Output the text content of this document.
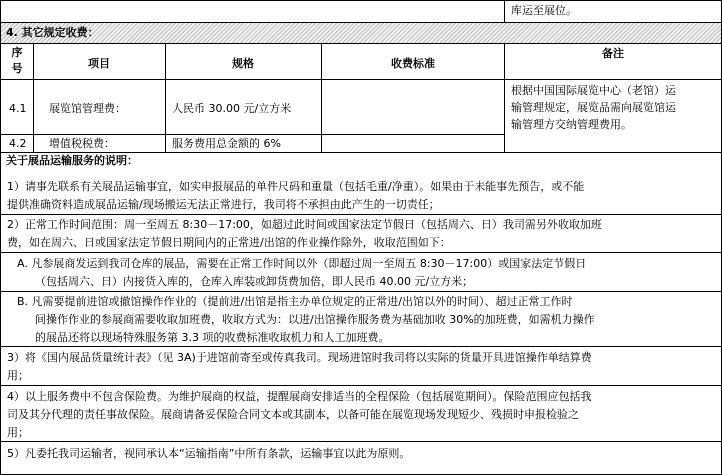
库运至展位。
4. 其它规定收费：
序号	项目	规格	收费标准
备注
4.1 展览馆管理费：	人民币 30.00 元/立方米
根据中国国际展览中心（老馆）运
输管理规定，展览品需向展览馆运
输管理方交纳管理费用。
4.2 增值税税费：	服务费用总金额的 6%
关于展品运输服务的说明：
1）请事先联系有关展品运输事宜，如实申报展品的单件尺码和重量（包括毛重/净重）。如果由于未能事先预告，或不能
提供准确资料造成展品运输/现场搬运无法正常进行，我司将不承担由此产生的一切责任；
2）正常工作时间范围：周一至周五 8:30－17:00，如超过此时间或国家法定节假日（包括周六、日）我司需另外收取加班
费，如在周六、日或国家法定节假日期间内的正常进/出馆的作业操作除外，收取范围如下：
A. 凡参展商发运到我司仓库的展品，需要在正常工作时间以外（即超过周一至周五 8:30－17:00）或国家法定节假日
（包括周六、日）内接货入库的，仓库入库装或卸货费加倍，即人民币 40.00 元/立方米；
B. 凡需要提前进馆或撤馆操作作业的（提前进/出馆是指主办单位规定的正常进/出馆以外的时间）、超过正常工作时
间操作作业的参展商需要收取加班费，收取方式为：以进/出馆操作服务费为基础加收 30%的加班费，如需机力操作
的展品还将以现场特殊服务第 3.3 项的收费标准收取机力和人工加班费。
3）将《国内展品货量统计表》（见 3A)于进馆前寄至或传真我司。现场进馆时我司将以实际的货量开具进馆操作单结算费
用；
4）以上服务费中不包含保险费。为维护展商的权益，提醒展商安排适当的全程保险（包括展览期间）。保险范围应包括我
司及其分代理的责任事故保险。展商请备妥保险合同文本或其副本，以备可能在展览现场发现短少、残损时申报检验之
用；
5）凡委托我司运输者，视同承认本“运输指南”中所有条款，运输事宜以此为原则。
